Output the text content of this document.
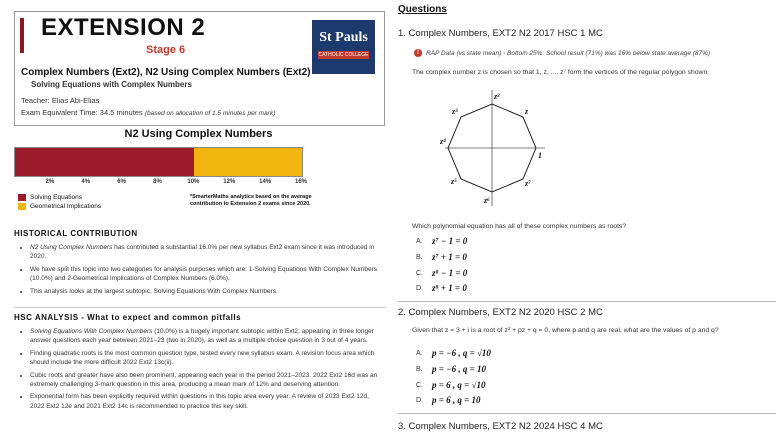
EXTENSION 2
Stage 6
St Pauls
CATHOLIC COLLEGE
Complex Numbers (Ext2), N2 Using Complex Numbers (Ext2)
Solving Equations with Complex Numbers
Teacher: Elias Abi-Elias
Exam Equivalent Time: 34.5 minutes (based on allocation of 1.5 minutes per mark)
N2 Using Complex Numbers
2%	4%	6%	8%	10%	12%	14%	16%
Solving Equations
Geometrical Implications
*SmarterMaths analytics based on the average contribution to Extension 2 exams since 2020.
HISTORICAL CONTRIBUTION
• N2 Using Complex Numbers has contributed a substantial 16.0% per new syllabus Ext2 exam since it was introduced in 2020.
• We have split this topic into two categories for analysis purposes which are: 1-Solving Equations With Complex Numbers (10.0%) and 2-Geometrical Implications of Complex Numbers (6.0%).
• This analysis looks at the largest subtopic, Solving Equations With Complex Numbers.
HSC ANALYSIS - What to expect and common pitfalls
• Solving Equations With Complex Numbers (10.0%) is a hugely important subtopic within Ext2, appearing in three longer answer questions each year between 2021–23 (two in 2020), as well as a multiple choice question in 3 out of 4 years.
• Finding quadratic roots is the most common question type, tested every new syllabus exam. A revision focus area which should include the more difficult 2022 Ext2 13c(ii).
• Cubic roots and greater have also been prominent, appearing each year in the period 2021–2023. 2022 Ext2 16d was an extremely challenging 3-mark question in this area, producing a mean mark of 12% and deserving attention.
• Exponential form has been explicitly required within questions in this topic area every year. A review of 2023 Ext2 12d, 2022 Ext2 12e and 2021 Ext2 14c is recommended to practice this key skill.
Questions
1. Complex Numbers, EXT2 N2 2017 HSC 1 MC
!	RAP Data (vs state mean) - Bottom 25%: School result (71%) was 16% below state average (87%)
The complex number z is chosen so that 1, z, ..., z⁷ form the vertices of the regular polygon shown.
1
z
z²
z³
z⁴
z⁵
z⁶
z⁷
Which polynomial equation has all of these complex numbers as roots?
A.	z⁷ − 1 = 0
B.	z⁷ + 1 = 0
C.	z⁸ − 1 = 0
D.	z⁸ + 1 = 0
2. Complex Numbers, EXT2 N2 2020 HSC 2 MC
Given that z = 3 + i is a root of z² + pz + q = 0, where p and q are real, what are the values of p and q?
A.	p = −6 , q = √10
B.	p = −6 , q = 10
C.	p = 6 , q = √10
D.	p = 6 , q = 10
3. Complex Numbers, EXT2 N2 2024 HSC 4 MC
